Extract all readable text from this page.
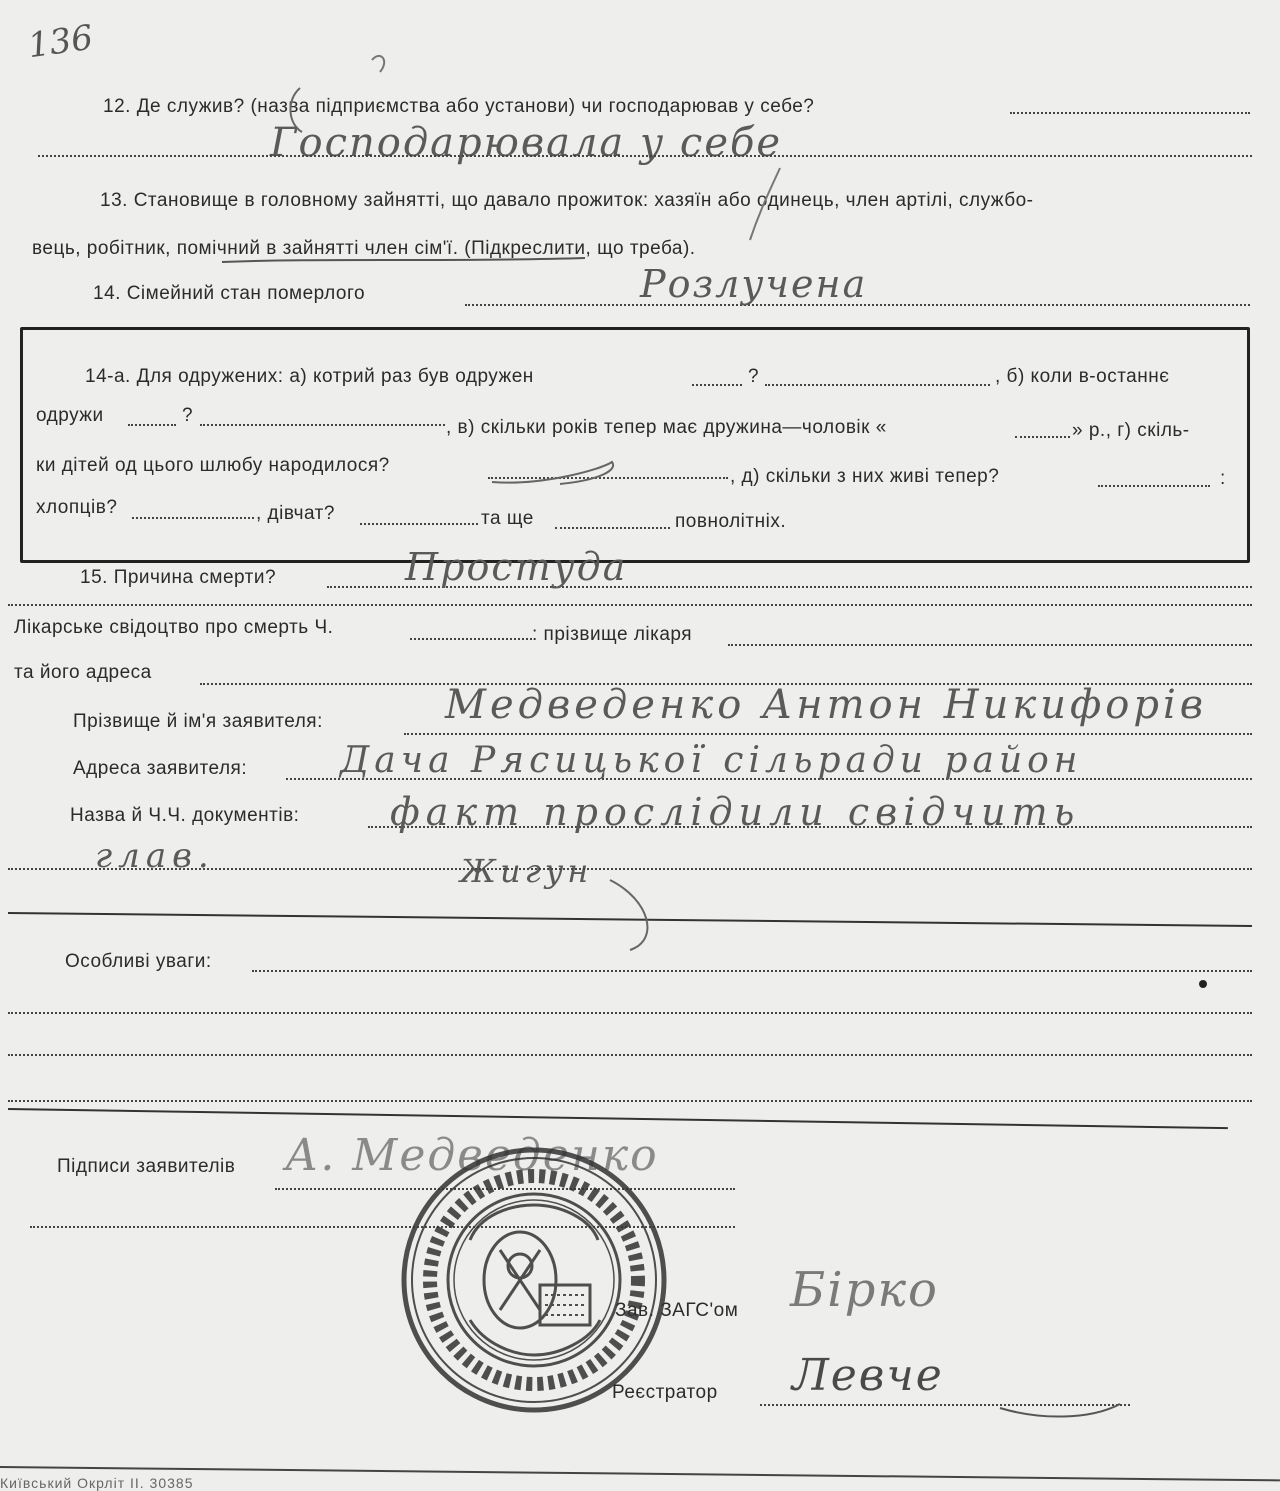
136
12. Де служив? (назва підприємства або установи) чи господарював у себе?
Господарювала у себе
13. Становище в головному зайнятті, що давало прожиток: хазяїн або одинець, член артілі, службо-
вець, робітник, помічний в зайнятті член сім'ї. (Підкреслити, що треба).
14. Сімейний стан померлого	Розлучена
14-а. Для одружених: а) котрий раз був одружен	?	, б) коли в-останнє
одружи	?
, в) скільки років тепер має дружина—чоловік «	» р., г) скіль-
ки дітей од цього шлюбу народилося?
, д) скільки з них живі тепер?	:
хлопців?	, дівчат?	та ще	повнолітніх.
15. Причина смерти?	Простуда
Лікарське свідоцтво про смерть Ч.	: прізвище лікаря
та його адреса
Прізвище й ім'я заявителя:	Медведенко Антон Никифорів
Адреса заявителя:	Дача Рясицької сільради район
Назва й Ч.Ч. документів: факт прослідили свідчить
глав.	Жигун
Особливі уваги:
Підписи заявителів А. Медведенко
Зав. ЗАГС'ом Бірко
Реєстратор Левче
Київський Окрліт II. 30385
